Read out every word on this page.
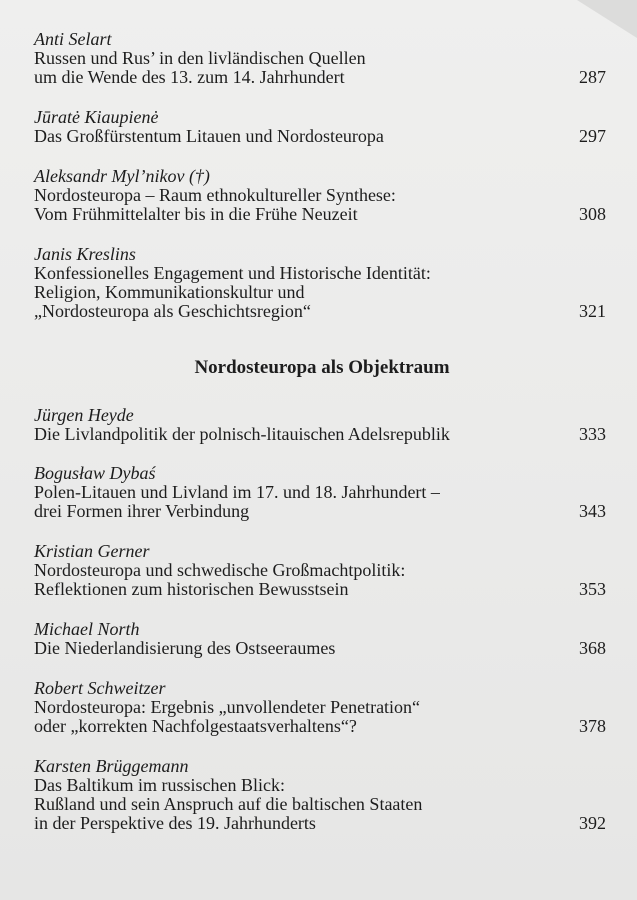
Anti Selart
Russen und Rus’ in den livländischen Quellen
um die Wende des 13. zum 14. Jahrhundert	287
Jūratė Kiaupienė
Das Großfürstentum Litauen und Nordosteuropa	297
Aleksandr Myl’nikov (†)
Nordosteuropa – Raum ethnokultureller Synthese:
Vom Frühmittelalter bis in die Frühe Neuzeit	308
Janis Kreslins
Konfessionelles Engagement und Historische Identität:
Religion, Kommunikationskultur und
„Nordosteuropa als Geschichtsregion“	321
Nordosteuropa als Objektraum
Jürgen Heyde
Die Livlandpolitik der polnisch-litauischen Adelsrepublik	333
Bogusław Dybaś
Polen-Litauen und Livland im 17. und 18. Jahrhundert –
drei Formen ihrer Verbindung	343
Kristian Gerner
Nordosteuropa und schwedische Großmachtpolitik:
Reflektionen zum historischen Bewusstsein	353
Michael North
Die Niederlandisierung des Ostseeraumes	368
Robert Schweitzer
Nordosteuropa: Ergebnis „unvollendeter Penetration“
oder „korrekten Nachfolgestaatsverhaltens“?	378
Karsten Brüggemann
Das Baltikum im russischen Blick:
Rußland und sein Anspruch auf die baltischen Staaten
in der Perspektive des 19. Jahrhunderts	392
